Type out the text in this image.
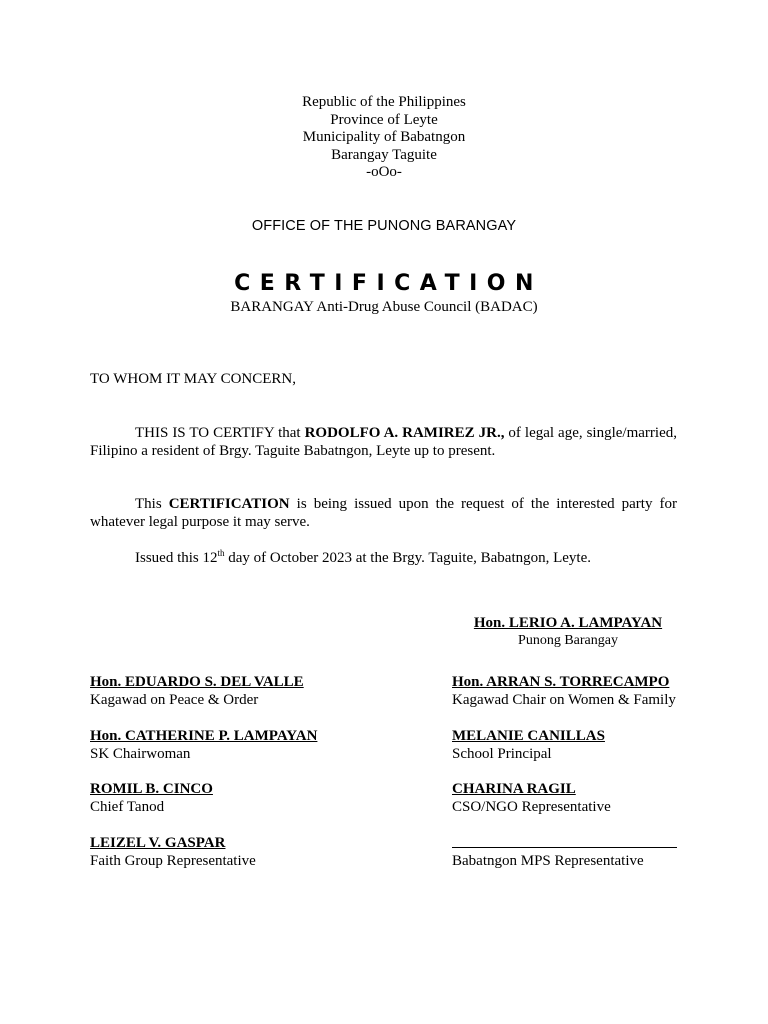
Republic of the Philippines
Province of Leyte
Municipality of Babatngon
Barangay Taguite
-oOo-
OFFICE OF THE PUNONG BARANGAY
CERTIFICATION
BARANGAY Anti-Drug Abuse Council (BADAC)
TO WHOM IT MAY CONCERN,
THIS IS TO CERTIFY that RODOLFO A. RAMIREZ JR., of legal age, single/married, Filipino a resident of Brgy. Taguite Babatngon, Leyte up to present.
This CERTIFICATION is being issued upon the request of the interested party for whatever legal purpose it may serve.
Issued this 12th day of October 2023 at the Brgy. Taguite, Babatngon, Leyte.
Hon. LERIO A. LAMPAYAN
Punong Barangay
Hon. EDUARDO S. DEL VALLE
Kagawad on Peace & Order
Hon. ARRAN S. TORRECAMPO
Kagawad Chair on Women & Family
Hon. CATHERINE P. LAMPAYAN
SK Chairwoman
MELANIE CANILLAS
School Principal
ROMIL B. CINCO
Chief Tanod
CHARINA RAGIL
CSO/NGO Representative
LEIZEL V. GASPAR
Faith Group Representative	Babatngon MPS Representative
